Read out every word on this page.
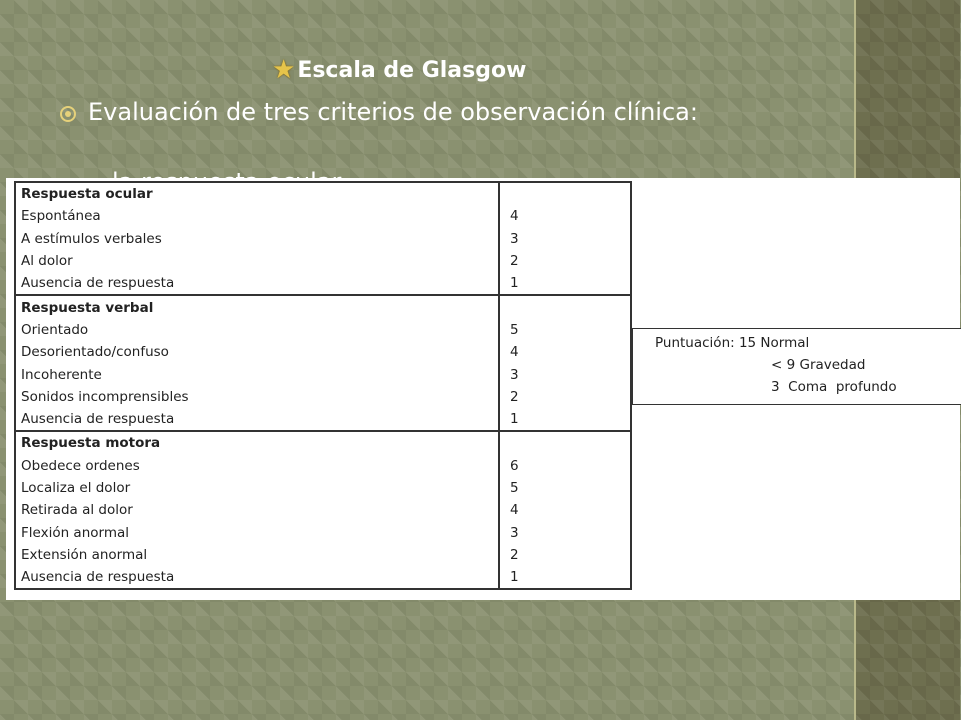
★ Escala de Glasgow
Evaluación de tres criterios de observación clínica:
Respuesta ocular	
Espontánea	4
A estímulos verbales	3
Al dolor	2
Ausencia de respuesta	1
Respuesta verbal	
Orientado	5
Desorientado/confuso	4
Incoherente	3
Sonidos incomprensibles	2
Ausencia de respuesta	1
Respuesta motora	
Obedece ordenes	6
Localiza el dolor	5
Retirada al dolor	4
Flexión anormal	3
Extensión anormal	2
Ausencia de respuesta	1
Puntuación: 15 Normal
< 9 Gravedad
3  Coma  profundo
